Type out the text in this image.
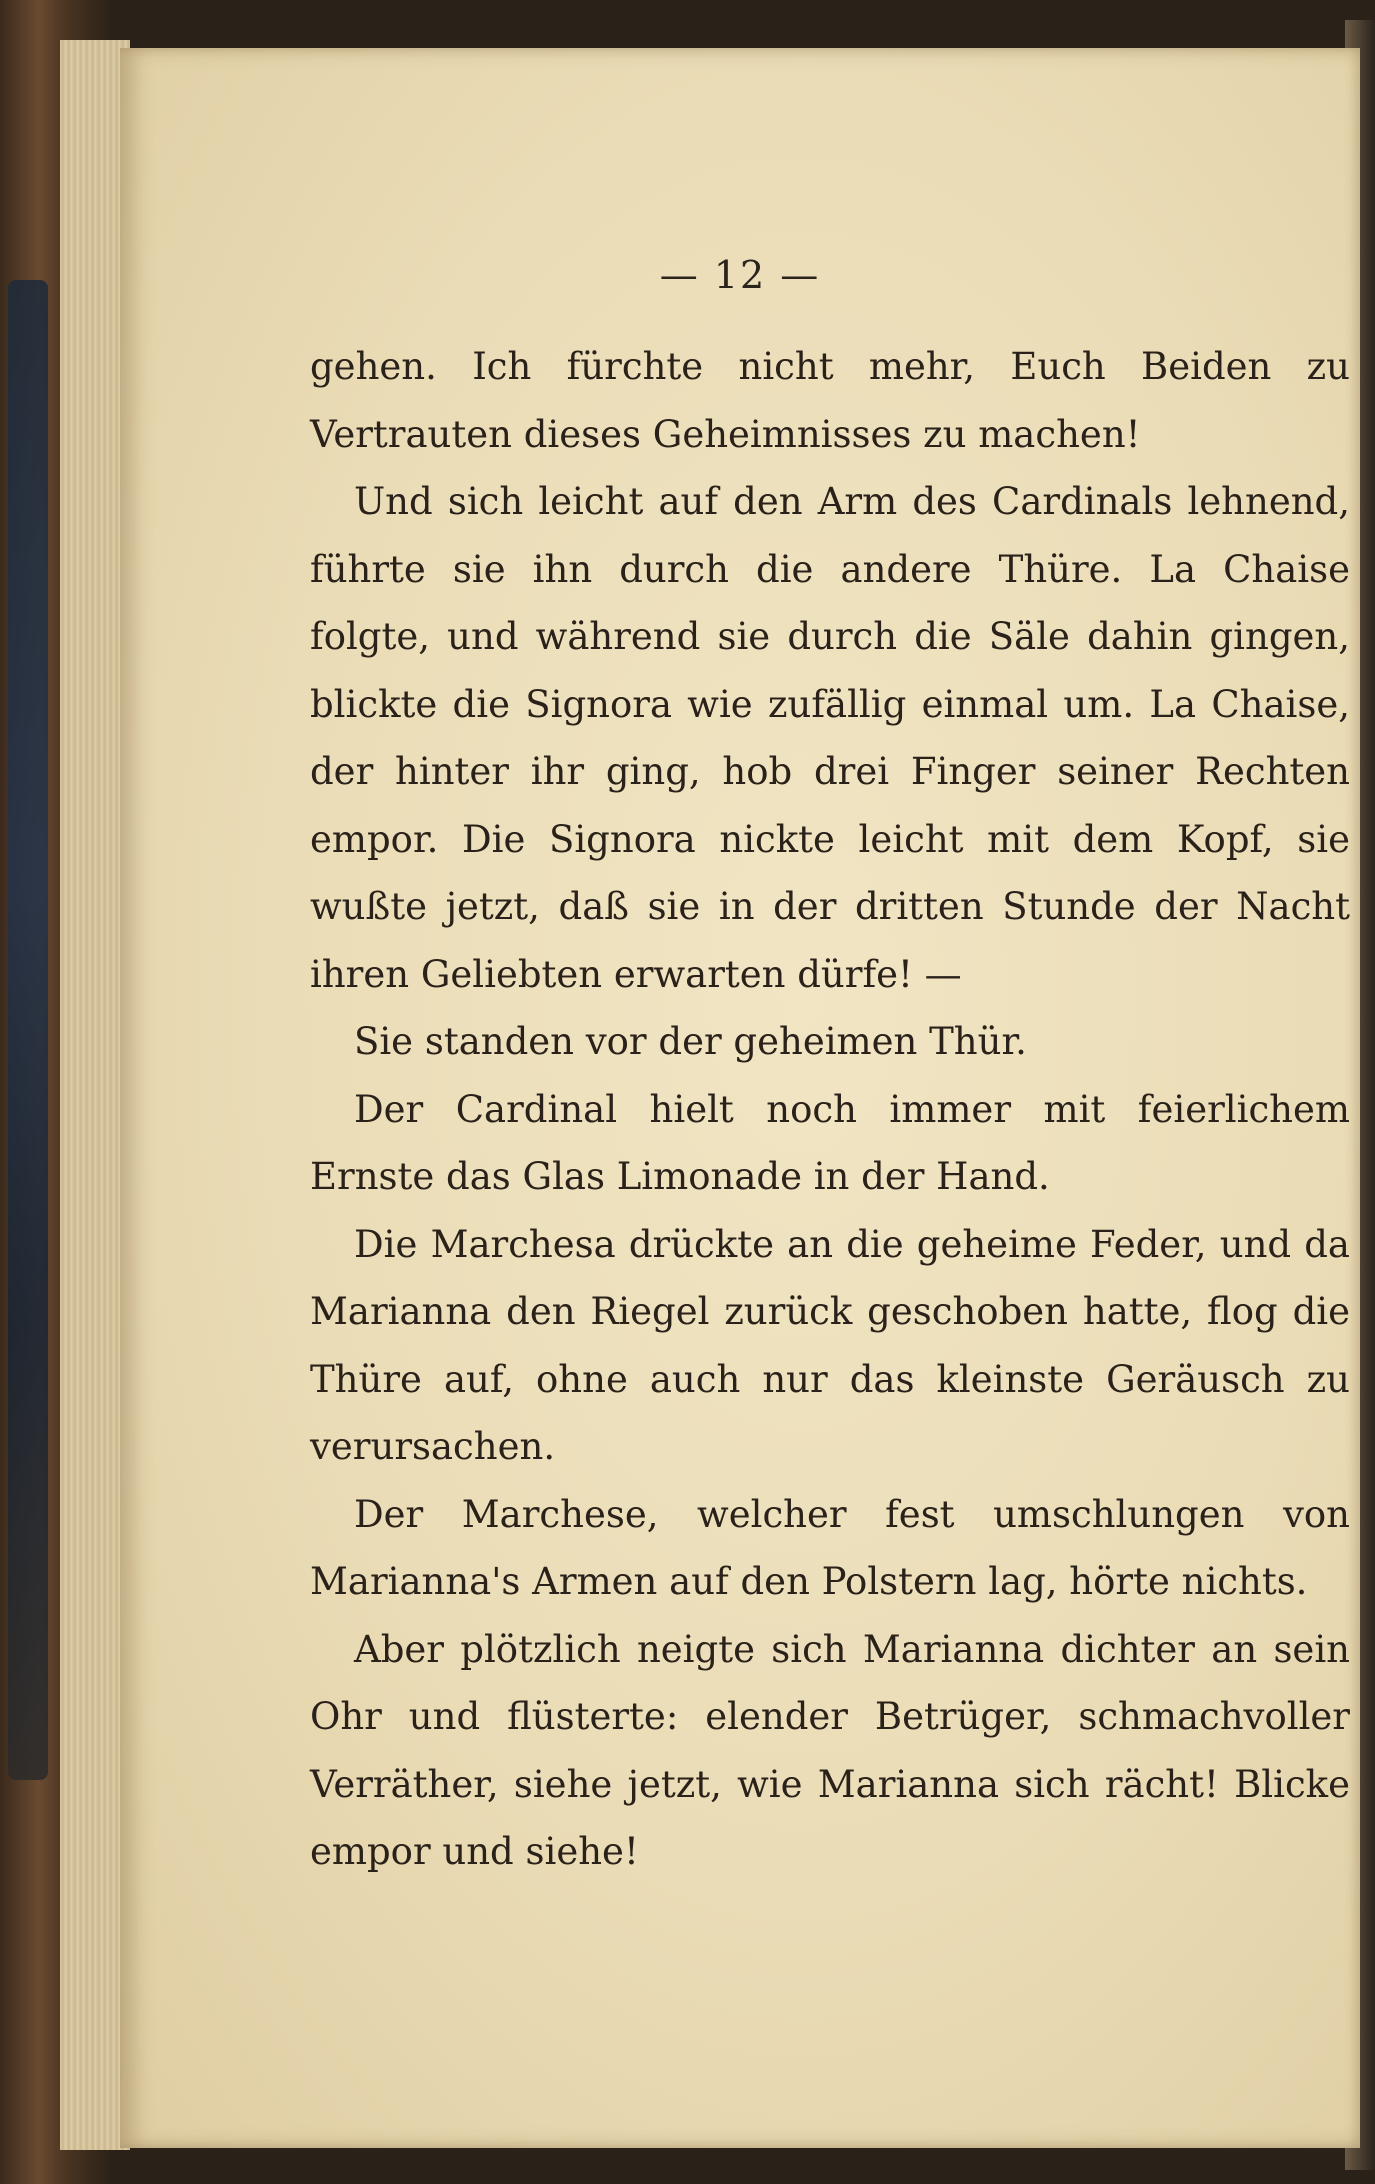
— 12 —

gehen. Ich fürchte nicht mehr, Euch Beiden zu Vertrauten dieses Geheimnisses zu machen!

Und sich leicht auf den Arm des Cardinals lehnend, führte sie ihn durch die andere Thüre. La Chaise folgte, und während sie durch die Säle dahin gingen, blickte die Signora wie zufällig einmal um. La Chaise, der hinter ihr ging, hob drei Finger seiner Rechten empor. Die Signora nickte leicht mit dem Kopf, sie wußte jetzt, daß sie in der dritten Stunde der Nacht ihren Geliebten erwarten dürfe! —

Sie standen vor der geheimen Thür.

Der Cardinal hielt noch immer mit feierlichem Ernste das Glas Limonade in der Hand.

Die Marchesa drückte an die geheime Feder, und da Marianna den Riegel zurück geschoben hatte, flog die Thüre auf, ohne auch nur das kleinste Geräusch zu verursachen.

Der Marchese, welcher fest umschlungen von Marianna's Armen auf den Polstern lag, hörte nichts.

Aber plötzlich neigte sich Marianna dichter an sein Ohr und flüsterte: elender Betrüger, schmachvoller Verräther, siehe jetzt, wie Marianna sich rächt! Blicke empor und siehe!
